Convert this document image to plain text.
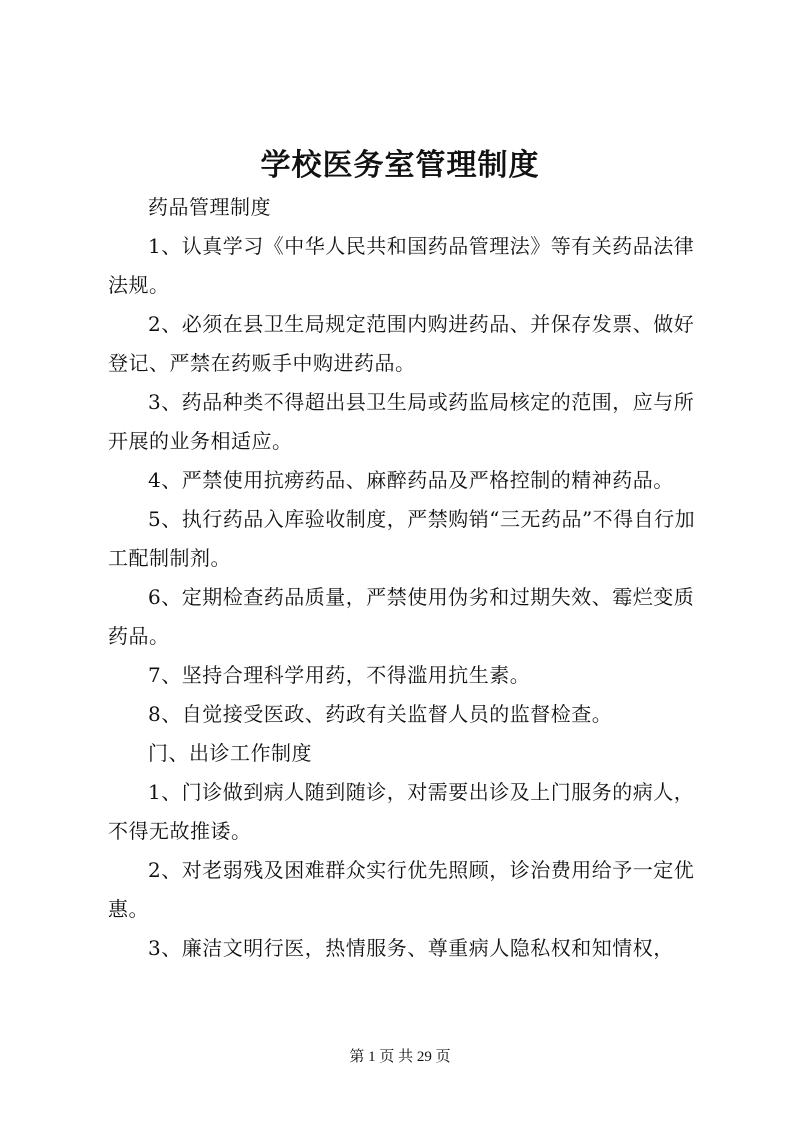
学校医务室管理制度

药品管理制度

1、认真学习《中华人民共和国药品管理法》等有关药品法律法规。

2、必须在县卫生局规定范围内购进药品、并保存发票、做好登记、严禁在药贩手中购进药品。

3、药品种类不得超出县卫生局或药监局核定的范围，应与所开展的业务相适应。

4、严禁使用抗痨药品、麻醉药品及严格控制的精神药品。

5、执行药品入库验收制度，严禁购销“三无药品”不得自行加工配制制剂。

6、定期检查药品质量，严禁使用伪劣和过期失效、霉烂变质药品。

7、坚持合理科学用药，不得滥用抗生素。

8、自觉接受医政、药政有关监督人员的监督检查。

门、出诊工作制度

1、门诊做到病人随到随诊，对需要出诊及上门服务的病人，不得无故推诿。

2、对老弱残及困难群众实行优先照顾，诊治费用给予一定优惠。

3、廉洁文明行医，热情服务、尊重病人隐私权和知情权，

第 1 页 共 29 页
